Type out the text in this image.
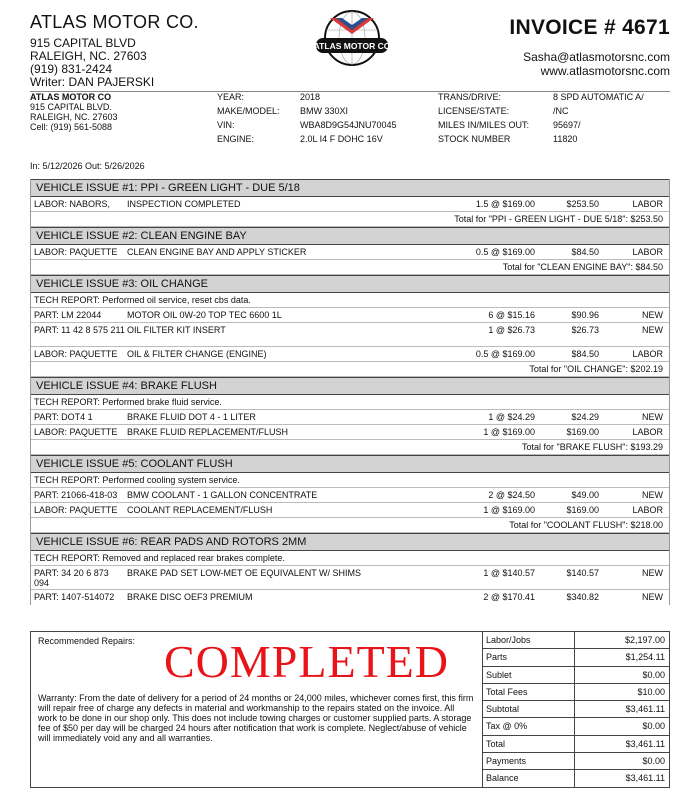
ATLAS MOTOR CO.
915 CAPITAL BLVD
RALEIGH, NC. 27603
(919) 831-2424
Writer: DAN PAJERSKI
ATLAS MOTOR CO
INVOICE # 4671
Sasha@atlasmotorsnc.com
www.atlasmotorsnc.com
ATLAS MOTOR CO
915 CAPITAL BLVD.
RALEIGH, NC. 27603
Cell: (919) 561-5088
YEAR:	2018
MAKE/MODEL: BMW 330XI
VIN:	WBA8D9G54JNU70045
ENGINE:	2.0L I4 F DOHC 16V
TRANS/DRIVE:	8 SPD AUTOMATIC A/
LICENSE/STATE:	/NC
MILES IN/MILES OUT:	95697/
STOCK NUMBER	11820
In: 5/12/2026 Out: 5/26/2026
VEHICLE ISSUE #1: PPI - GREEN LIGHT - DUE 5/18
LABOR: NABORS,	INSPECTION COMPLETED	1.5 @ $169.00	$253.50	LABOR
Total for "PPI - GREEN LIGHT - DUE 5/18": $253.50
VEHICLE ISSUE #2: CLEAN ENGINE BAY
LABOR: PAQUETTE	CLEAN ENGINE BAY AND APPLY STICKER	0.5 @ $169.00	$84.50	LABOR
Total for "CLEAN ENGINE BAY": $84.50
VEHICLE ISSUE #3: OIL CHANGE
TECH REPORT: Performed oil service, reset cbs data.
PART: LM 22044	MOTOR OIL 0W-20 TOP TEC 6600 1L	6 @ $15.16	$90.96	NEW
PART: 11 42 8 575 211 OIL FILTER KIT INSERT	1 @ $26.73	$26.73	NEW
LABOR: PAQUETTE	OIL & FILTER CHANGE (ENGINE)	0.5 @ $169.00	$84.50	LABOR
Total for "OIL CHANGE": $202.19
VEHICLE ISSUE #4: BRAKE FLUSH
TECH REPORT: Performed brake fluid service.
PART: DOT4 1	BRAKE FLUID DOT 4 - 1 LITER	1 @ $24.29	$24.29	NEW
LABOR: PAQUETTE	BRAKE FLUID REPLACEMENT/FLUSH	1 @ $169.00	$169.00	LABOR
Total for "BRAKE FLUSH": $193.29
VEHICLE ISSUE #5: COOLANT FLUSH
TECH REPORT: Performed cooling system service.
PART: 21066-418-03	BMW COOLANT - 1 GALLON CONCENTRATE	2 @ $24.50	$49.00	NEW
LABOR: PAQUETTE	COOLANT REPLACEMENT/FLUSH	1 @ $169.00	$169.00	LABOR
Total for "COOLANT FLUSH": $218.00
VEHICLE ISSUE #6: REAR PADS AND ROTORS 2MM
TECH REPORT: Removed and replaced rear brakes complete.
PART: 34 20 6 873 094
BRAKE PAD SET LOW-MET OE EQUIVALENT W/ SHIMS	1 @ $140.57	$140.57	NEW
PART: 1407-514072	BRAKE DISC OEF3 PREMIUM	2 @ $170.41	$340.82	NEW
Recommended Repairs: COMPLETED
Warranty: From the date of delivery for a period of 24 months or 24,000 miles, whichever comes first, this firm will repair free of charge any defects in material and workmanship to the repairs stated on the invoice. All work to be done in our shop only. This does not include towing charges or customer supplied parts. A storage fee of $50 per day will be charged 24 hours after notification that work is complete. Neglect/abuse of vehicle will immediately void any and all warranties.
Labor/Jobs	$2,197.00
Parts	$1,254.11
Sublet	$0.00
Total Fees	$10.00
Subtotal	$3,461.11
Tax @ 0%	$0.00
Total	$3,461.11
Payments	$0.00
Balance	$3,461.11
